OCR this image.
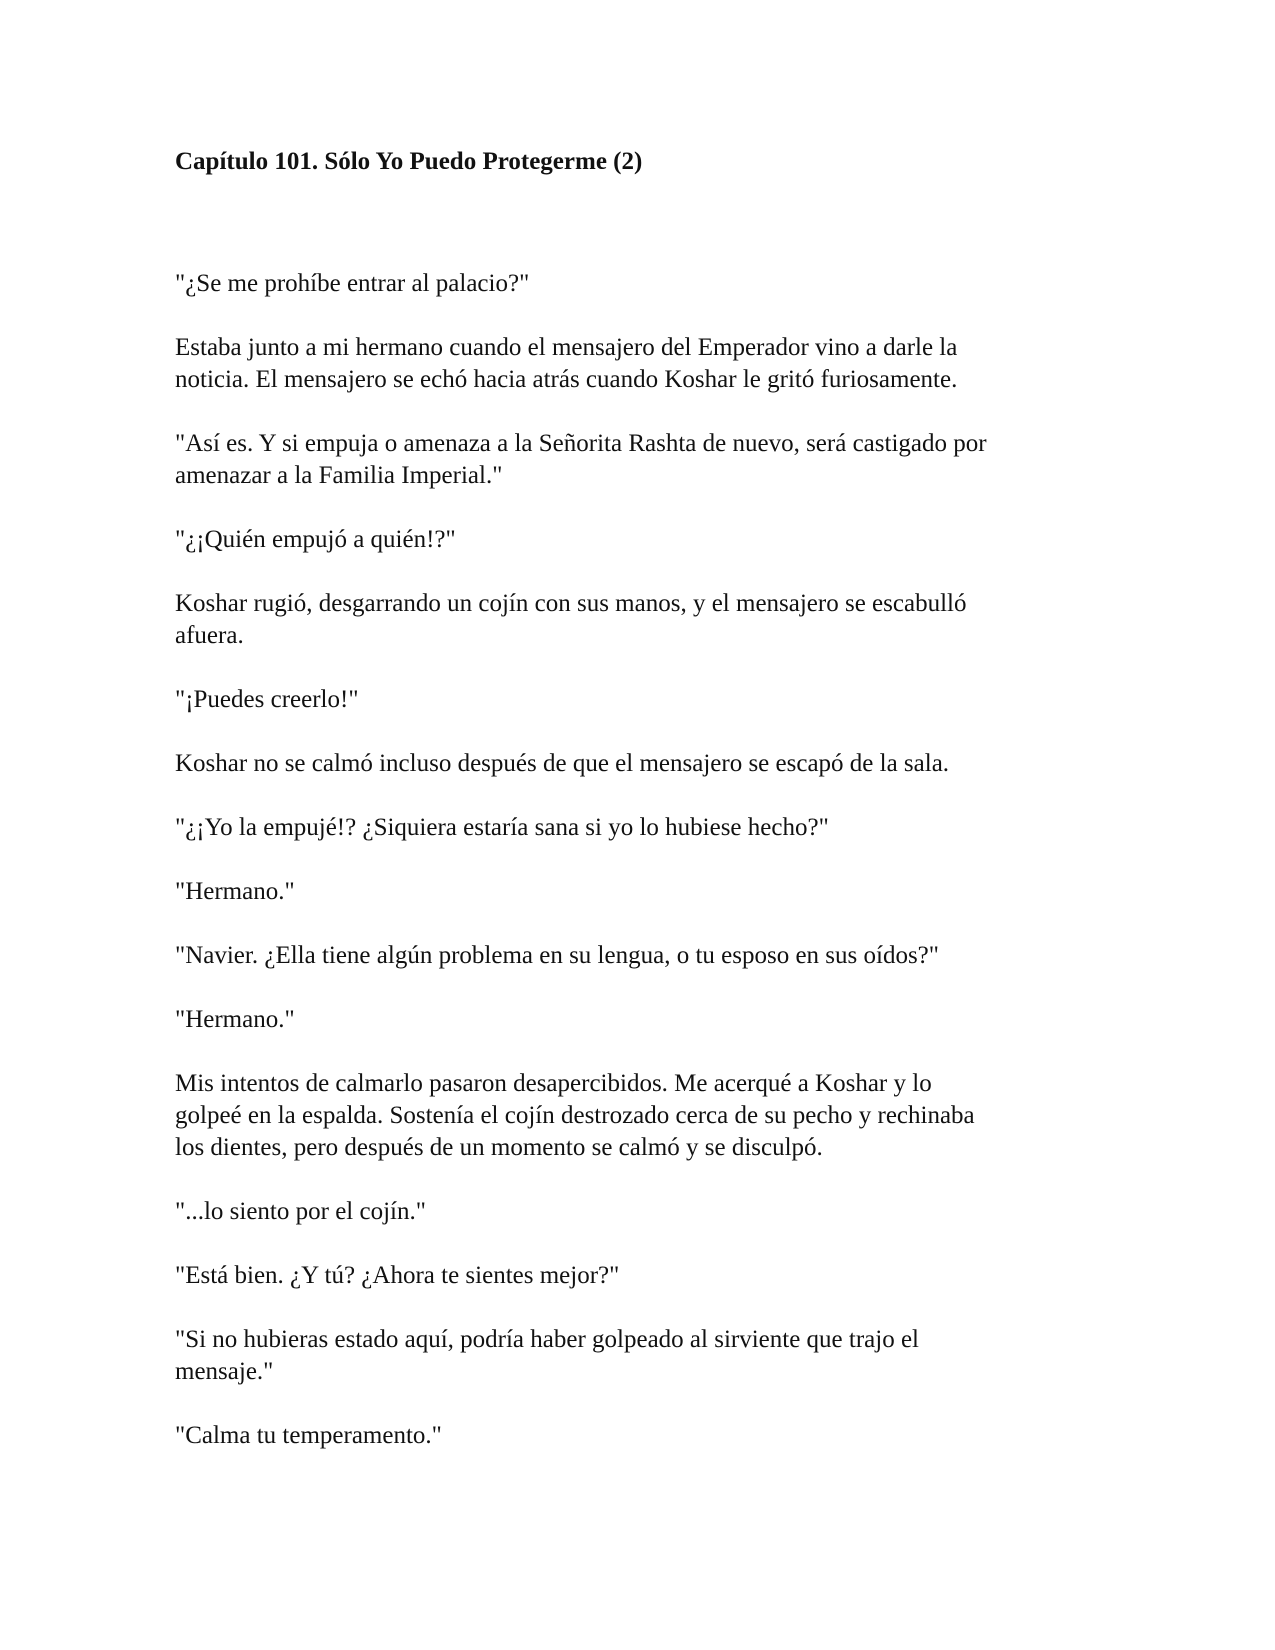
Capítulo 101. Sólo Yo Puedo Protegerme (2)

"¿Se me prohíbe entrar al palacio?"

Estaba junto a mi hermano cuando el mensajero del Emperador vino a darle la
noticia. El mensajero se echó hacia atrás cuando Koshar le gritó furiosamente.

"Así es. Y si empuja o amenaza a la Señorita Rashta de nuevo, será castigado por
amenazar a la Familia Imperial."

"¿¡Quién empujó a quién!?"

Koshar rugió, desgarrando un cojín con sus manos, y el mensajero se escabulló
afuera.

"¡Puedes creerlo!"

Koshar no se calmó incluso después de que el mensajero se escapó de la sala.

"¿¡Yo la empujé!? ¿Siquiera estaría sana si yo lo hubiese hecho?"

"Hermano."

"Navier. ¿Ella tiene algún problema en su lengua, o tu esposo en sus oídos?"

"Hermano."

Mis intentos de calmarlo pasaron desapercibidos. Me acerqué a Koshar y lo
golpeé en la espalda. Sostenía el cojín destrozado cerca de su pecho y rechinaba
los dientes, pero después de un momento se calmó y se disculpó.

"...lo siento por el cojín."

"Está bien. ¿Y tú? ¿Ahora te sientes mejor?"

"Si no hubieras estado aquí, podría haber golpeado al sirviente que trajo el
mensaje."

"Calma tu temperamento."
